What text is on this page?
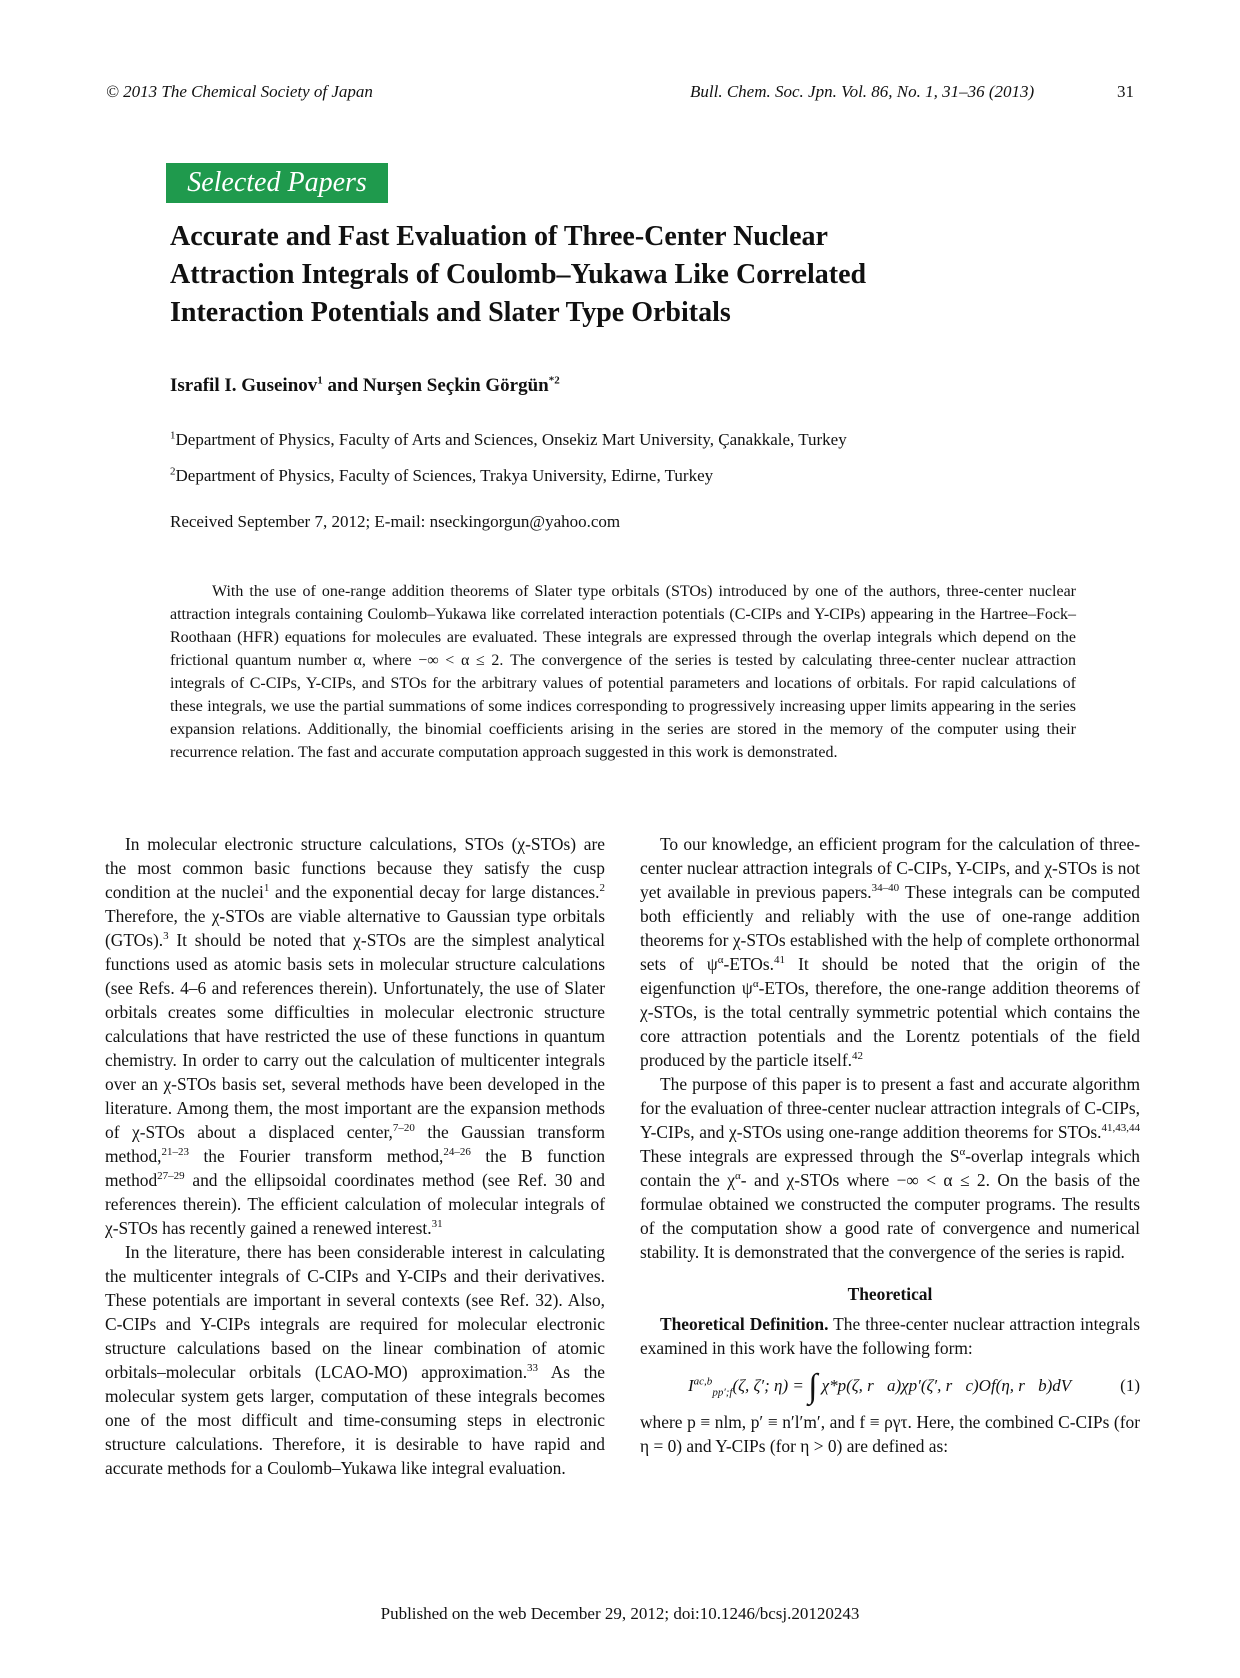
© 2013 The Chemical Society of Japan	Bull. Chem. Soc. Jpn. Vol. 86, No. 1, 31–36 (2013)	31
Selected Papers
Accurate and Fast Evaluation of Three-Center Nuclear
Attraction Integrals of Coulomb–Yukawa Like Correlated
Interaction Potentials and Slater Type Orbitals
Israfil I. Guseinov$^1$ and Nurşen Seçkin Görgün$^{*2}$
$^1$Department of Physics, Faculty of Arts and Sciences, Onsekiz Mart University, Çanakkale, Turkey
$^2$Department of Physics, Faculty of Sciences, Trakya University, Edirne, Turkey
Received September 7, 2012; E-mail: nseckingorgun@yahoo.com

With the use of one-range addition theorems of Slater type orbitals (STOs) introduced by one of the authors, three-center nuclear attraction integrals containing Coulomb–Yukawa like correlated interaction potentials (C-CIPs and Y-CIPs) appearing in the Hartree–Fock–Roothaan (HFR) equations for molecules are evaluated. These integrals are expressed through the overlap integrals which depend on the frictional quantum number α, where −∞ < α ≤ 2. The convergence of the series is tested by calculating three-center nuclear attraction integrals of C-CIPs, Y-CIPs, and STOs for the arbitrary values of potential parameters and locations of orbitals. For rapid calculations of these integrals, we use the partial summations of some indices corresponding to progressively increasing upper limits appearing in the series expansion relations. Additionally, the binomial coefficients arising in the series are stored in the memory of the computer using their recurrence relation. The fast and accurate computation approach suggested in this work is demonstrated.

In molecular electronic structure calculations, STOs (χ-STOs) are the most common basic functions because they satisfy the cusp condition at the nuclei$^1$ and the exponential decay for large distances.$^2$ Therefore, the χ-STOs are viable alternative to Gaussian type orbitals (GTOs).$^3$ It should be noted that χ-STOs are the simplest analytical functions used as atomic basis sets in molecular structure calculations (see Refs. 4–6 and references therein). Unfortunately, the use of Slater orbitals creates some difficulties in molecular electronic structure calculations that have restricted the use of these functions in quantum chemistry. In order to carry out the calculation of multicenter integrals over an χ-STOs basis set, several methods have been developed in the literature. Among them, the most important are the expansion methods of χ-STOs about a displaced center,$^{7-20}$ the Gaussian transform method,$^{21-23}$ the Fourier transform method,$^{24-26}$ the B function method$^{27-29}$ and the ellipsoidal coordinates method (see Ref. 30 and references therein). The efficient calculation of molecular integrals of χ-STOs has recently gained a renewed interest.$^{31}$

In the literature, there has been considerable interest in calculating the multicenter integrals of C-CIPs and Y-CIPs and their derivatives. These potentials are important in several contexts (see Ref. 32). Also, C-CIPs and Y-CIPs integrals are required for molecular electronic structure calculations based on the linear combination of atomic orbitals–molecular orbitals (LCAO-MO) approximation.$^{33}$ As the molecular system gets larger, computation of these integrals becomes one of the most difficult and time-consuming steps in electronic structure calculations. Therefore, it is desirable to have rapid and accurate methods for a Coulomb–Yukawa like integral evaluation.

To our knowledge, an efficient program for the calculation of three-center nuclear attraction integrals of C-CIPs, Y-CIPs, and χ-STOs is not yet available in previous papers.$^{34-40}$ These integrals can be computed both efficiently and reliably with the use of one-range addition theorems for χ-STOs established with the help of complete orthonormal sets of $\psi^\alpha-ETOs.^{41}$ It should be noted that the origin of the eigenfunction $\psi^\alpha$-ETOs, therefore, the one-range addition theorems of χ-STOs, is the total centrally symmetric potential which contains the core attraction potentials and the Lorentz potentials of the field produced by the particle itself.$^{42}$

The purpose of this paper is to present a fast and accurate algorithm for the evaluation of three-center nuclear attraction integrals of C-CIPs, Y-CIPs, and χ-STOs using one-range addition theorems for STOs.$^{41,43,44}$ These integrals are expressed through the $S^\alpha$-overlap integrals which contain the $\chi^\alpha-$ and χ-STOs where −∞ < α ≤ 2. On the basis of the formulae obtained we constructed the computer programs. The results of the computation show a good rate of convergence and numerical stability. It is demonstrated that the convergence of the series is rapid.

Theoretical

Theoretical Definition. The three-center nuclear attraction integrals examined in this work have the following form:

$I^{ac,b}_{pp';f}(\zeta$, ζ′; η) = ∫ χ*p(ζ, r⃗a)χp′(ζ′, r⃗c)Of(η, r⃗b)dV	(1)

where p ≡ nlm, p′ ≡ n′l′m′, and f ≡ ργτ. Here, the combined C-CIPs (for η = 0) and Y-CIPs (for η > 0) are defined as:

Published on the web December 29, 2012; doi:10.1246/bcsj.20120243
